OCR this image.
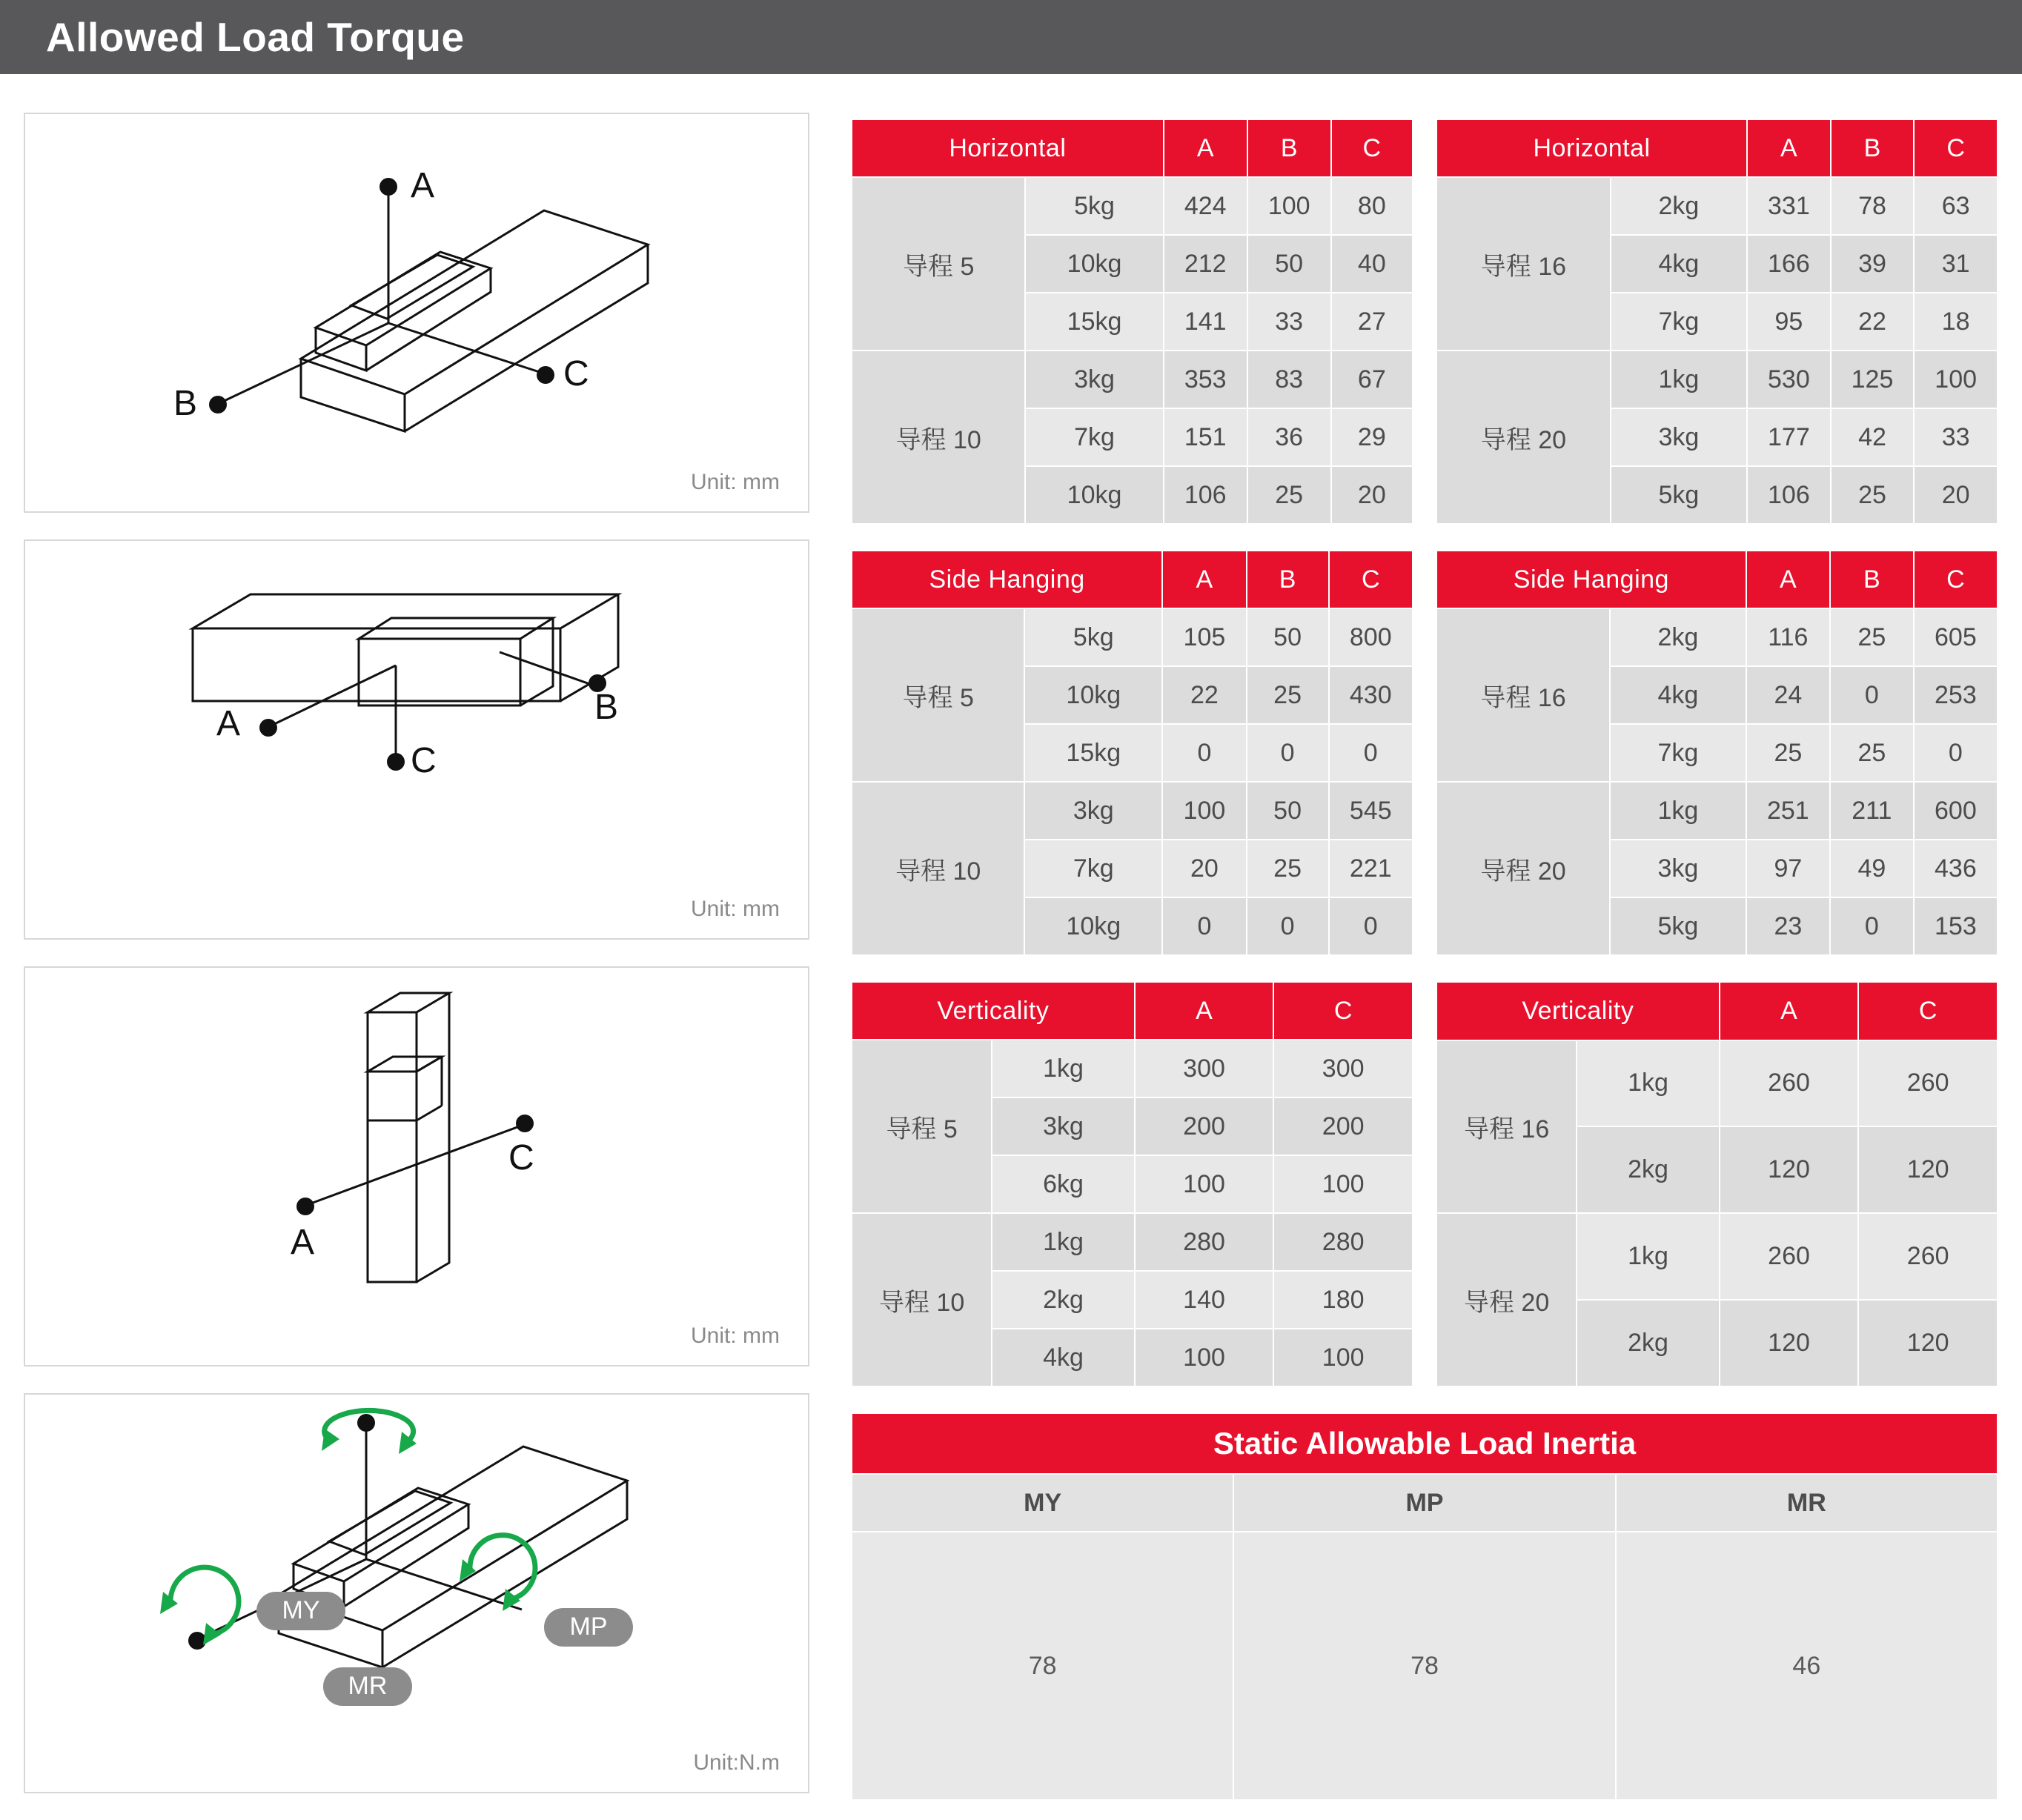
Allowed Load Torque
A
C
B
Unit: mm
A
C
B
Unit: mm
A
C
Unit: mm
MY
MP
MR
Unit:N.m
Horizontal		A	B	C
导程 5	5kg	424	100	80
	10kg	212	50	40
	15kg	141	33	27
导程 10	3kg	353	83	67
	7kg	151	36	29
	10kg	106	25	20
Horizontal		A	B	C
导程 16	2kg	331	78	63
	4kg	166	39	31
	7kg	95	22	18
导程 20	1kg	530	125	100
	3kg	177	42	33
	5kg	106	25	20
Side Hanging		A	B	C
导程 5	5kg	105	50	800
	10kg	22	25	430
	15kg	0	0	0
导程 10	3kg	100	50	545
	7kg	20	25	221
	10kg	0	0	0
Side Hanging		A	B	C
导程 16	2kg	116	25	605
	4kg	24	0	253
	7kg	25	25	0
导程 20	1kg	251	211	600
	3kg	97	49	436
	5kg	23	0	153
Verticality		A	C
导程 5	1kg	300	300
	3kg	200	200
	6kg	100	100
导程 10	1kg	280	280
	2kg	140	180
	4kg	100	100
Verticality		A	C
导程 16	1kg	260	260
	2kg	120	120
导程 20	1kg	260	260
	2kg	120	120
Static Allowable Load Inertia		
MY	MP	MR
78	78	46
